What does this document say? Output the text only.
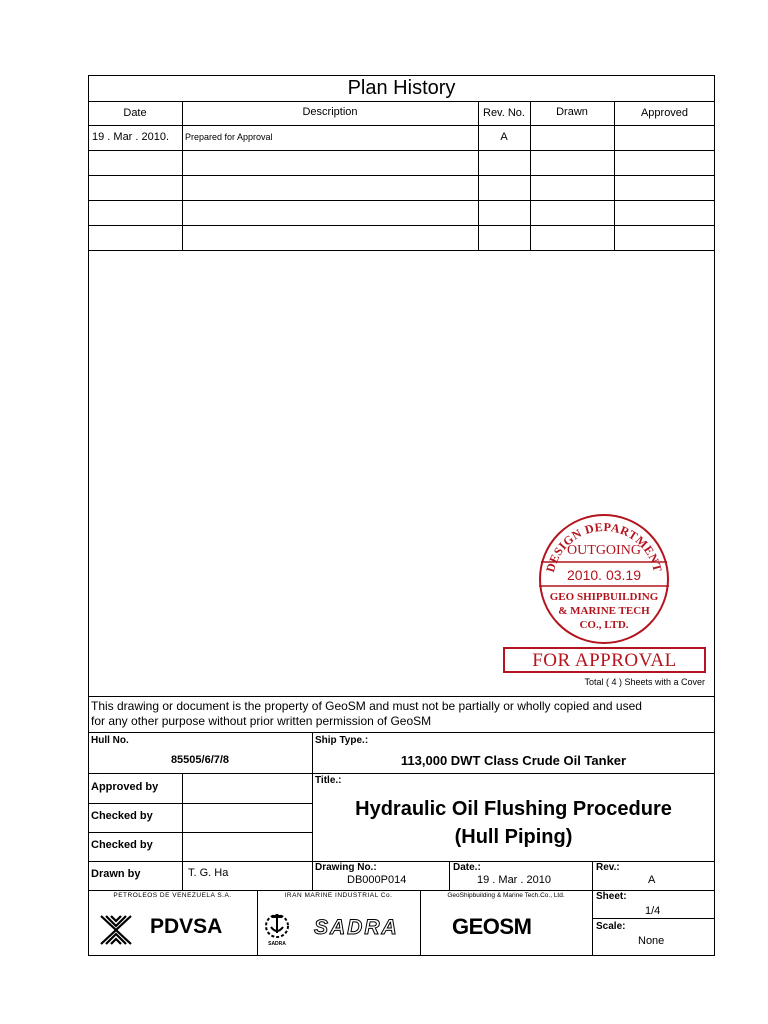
Plan History
Date	Description	Rev. No.	Drawn	Approved
19 . Mar . 2010. Prepared for Approval	A
DESIGN DEPARTMENT
OUTGOING
2010. 03.19
GEO SHIPBUILDING
& MARINE TECH
CO., LTD.
FOR APPROVAL
Total ( 4 ) Sheets with a Cover
This drawing or document is the property of GeoSM and must not be partially or wholly copied and used
for any other purpose without prior written permission of GeoSM
Hull No.
85505/6/7/8
Ship Type.:
113,000 DWT Class Crude Oil Tanker
Approved by
Checked by
Checked by
Drawn by	T. G. Ha
Title.:
Hydraulic Oil Flushing Procedure
(Hull Piping)
Drawing No.:
DB000P014
Date.:
19 . Mar . 2010
Rev.:
A
Sheet:
1/4
Scale:
None
PETROLEOS DE VENEZUELA S.A.
PDVSA
IRAN MARINE INDUSTRIAL Co.
SADRA
SADRA
GeoShipbuilding & Marine Tech.Co., Ltd.
GEOSM
